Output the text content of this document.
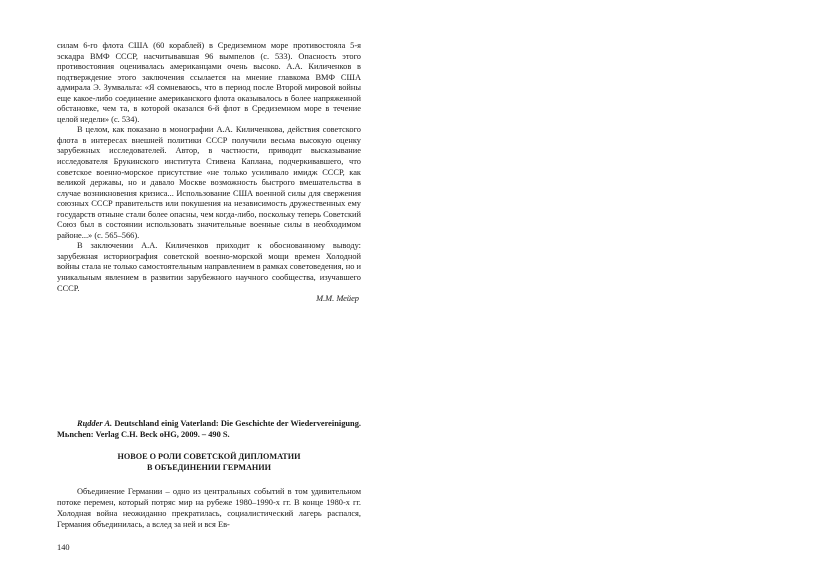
силам 6-го флота США (60 кораблей) в Средиземном море противостояла 5-я эскадра ВМФ СССР, насчитывавшая 96 вымпелов (с. 533). Опасность этого противостояния оценивалась американцами очень высоко. А.А. Киличенков в подтверждение этого заключения ссылается на мнение главкома ВМФ США адмирала Э. Зумвальта: «Я сомневаюсь, что в период после Второй мировой войны еще какое-либо соединение американского флота оказывалось в более напряженной обстановке, чем та, в которой оказался 6-й флот в Средиземном море в течение целой недели» (с. 534).

В целом, как показано в монографии А.А. Киличенкова, действия советского флота в интересах внешней политики СССР получили весьма высокую оценку зарубежных исследователей. Автор, в частности, приводит высказывание исследователя Брукинского института Стивена Каплана, подчеркивавшего, что советское военно-морское присутствие «не только усиливало имидж СССР, как великой державы, но и давало Москве возможность быстрого вмешательства в случае возникновения кризиса... Использование США военной силы для свержения союзных СССР правительств или покушения на независимость дружественных ему государств отныне стали более опасны, чем когда-либо, поскольку теперь Советский Союз был в состоянии использовать значительные военные силы в необходимом районе...» (с. 565–566).

В заключении А.А. Киличенков приходит к обоснованному выводу: зарубежная историография советской военно-морской мощи времен Холодной войны стала не только самостоятельным направлением в рамках советоведения, но и уникальным явлением в развитии зарубежного научного сообщества, изучавшего СССР.

М.М. Мейер

Rцdder A. Deutschland einig Vaterland: Die Geschichte der Wiedervereinigung. Mьnchen: Verlag C.H. Beck oHG, 2009. – 490 S.

НОВОЕ О РОЛИ СОВЕТСКОЙ ДИПЛОМАТИИ
В ОБЪЕДИНЕНИИ ГЕРМАНИИ

Объединение Германии – одно из центральных событий в том удивительном потоке перемен, который потряс мир на рубеже 1980–1990-х гг. В конце 1980-х гг. Холодная война неожиданно прекратилась, социалистический лагерь распался, Германия объединилась, а вслед за ней и вся Ев-

140
